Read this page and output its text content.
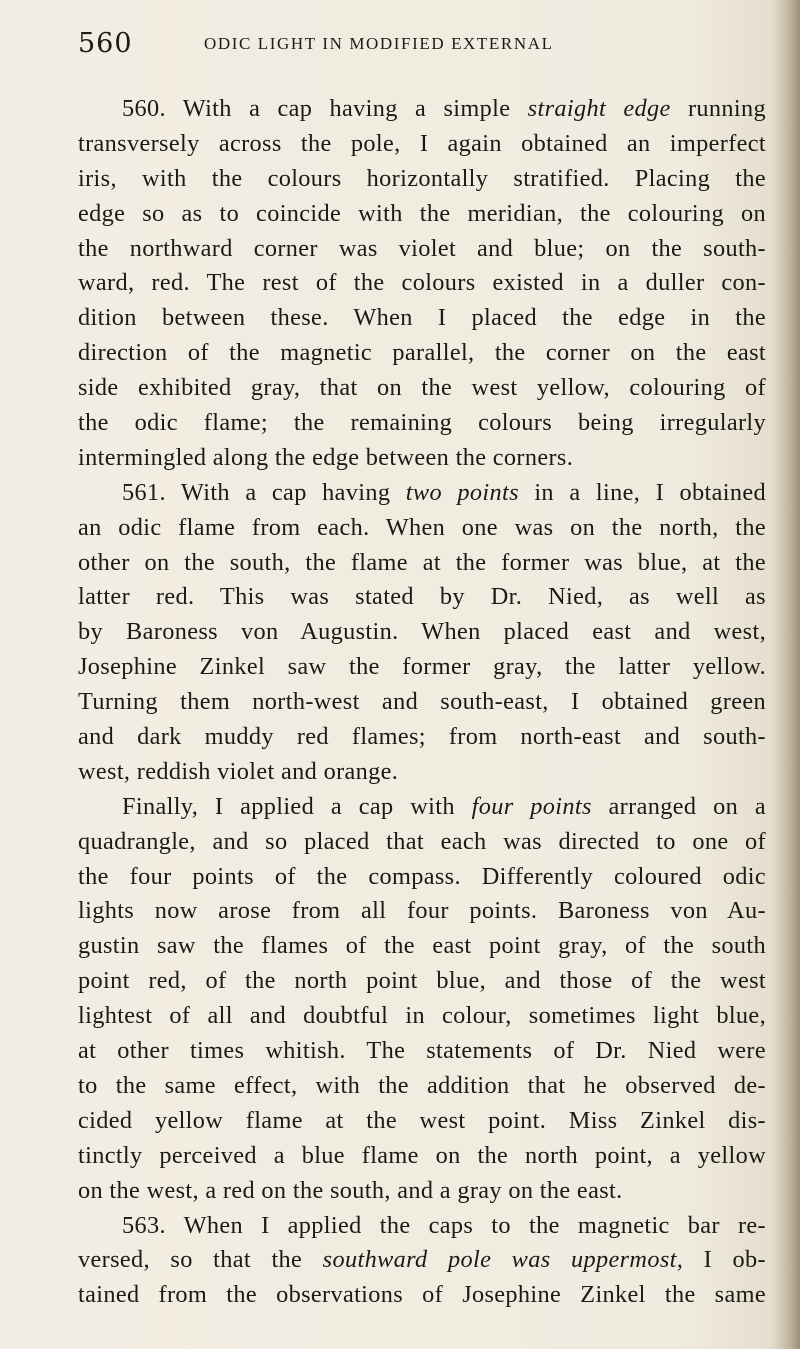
560	ODIC LIGHT IN MODIFIED EXTERNAL
560. With a cap having a simple straight edge running
transversely across the pole, I again obtained an imperfect
iris, with the colours horizontally stratified. Placing the
edge so as to coincide with the meridian, the colouring on
the northward corner was violet and blue; on the south-
ward, red. The rest of the colours existed in a duller con-
dition between these. When I placed the edge in the
direction of the magnetic parallel, the corner on the east
side exhibited gray, that on the west yellow, colouring of
the odic flame; the remaining colours being irregularly
intermingled along the edge between the corners.
561. With a cap having two points in a line, I obtained
an odic flame from each. When one was on the north, the
other on the south, the flame at the former was blue, at the
latter red. This was stated by Dr. Nied, as well as
by Baroness von Augustin. When placed east and west,
Josephine Zinkel saw the former gray, the latter yellow.
Turning them north-west and south-east, I obtained green
and dark muddy red flames; from north-east and south-
west, reddish violet and orange.
Finally, I applied a cap with four points arranged on a
quadrangle, and so placed that each was directed to one of
the four points of the compass. Differently coloured odic
lights now arose from all four points. Baroness von Au-
gustin saw the flames of the east point gray, of the south
point red, of the north point blue, and those of the west
lightest of all and doubtful in colour, sometimes light blue,
at other times whitish. The statements of Dr. Nied were
to the same effect, with the addition that he observed de-
cided yellow flame at the west point. Miss Zinkel dis-
tinctly perceived a blue flame on the north point, a yellow
on the west, a red on the south, and a gray on the east.
563. When I applied the caps to the magnetic bar re-
versed, so that the southward pole was uppermost, I ob-
tained from the observations of Josephine Zinkel the same
